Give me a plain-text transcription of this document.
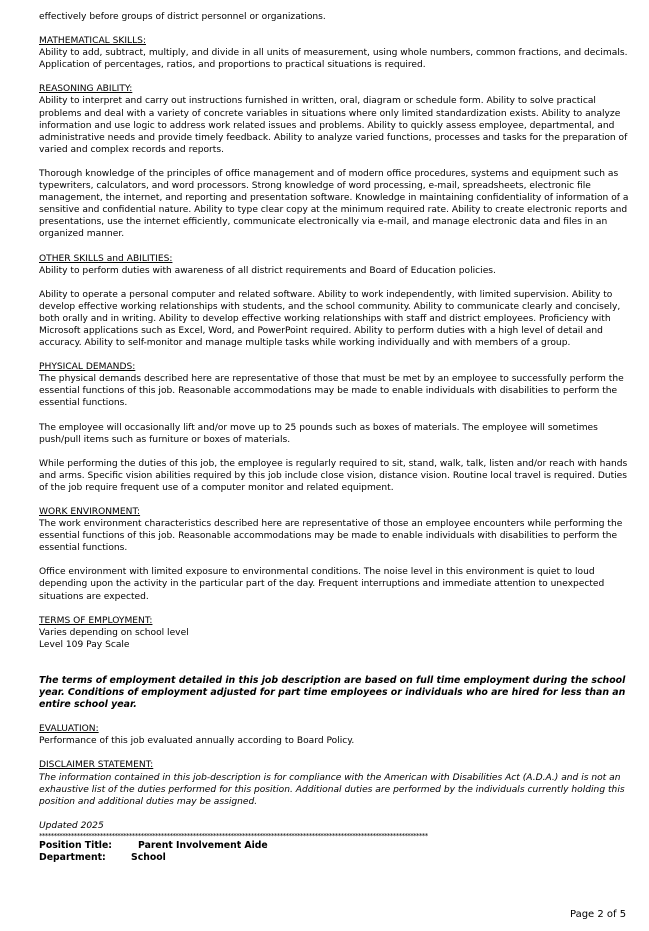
effectively before groups of district personnel or organizations.

MATHEMATICAL SKILLS:

Ability to add, subtract, multiply, and divide in all units of measurement, using whole numbers, common fractions, and decimals. Application of percentages, ratios, and proportions to practical situations is required.

REASONING ABILITY:

Ability to interpret and carry out instructions furnished in written, oral, diagram or schedule form. Ability to solve practical problems and deal with a variety of concrete variables in situations where only limited standardization exists. Ability to analyze information and use logic to address work related issues and problems. Ability to quickly assess employee, departmental, and administrative needs and provide timely feedback. Ability to analyze varied functions, processes and tasks for the preparation of varied and complex records and reports.

Thorough knowledge of the principles of office management and of modern office procedures, systems and equipment such as typewriters, calculators, and word processors. Strong knowledge of word processing, e-mail, spreadsheets, electronic file management, the internet, and reporting and presentation software. Knowledge in maintaining confidentiality of information of a sensitive and confidential nature. Ability to type clear copy at the minimum required rate. Ability to create electronic reports and presentations, use the internet efficiently, communicate electronically via e-mail, and manage electronic data and files in an organized manner.

OTHER SKILLS and ABILITIES:

Ability to perform duties with awareness of all district requirements and Board of Education policies.

Ability to operate a personal computer and related software. Ability to work independently, with limited supervision. Ability to develop effective working relationships with students, and the school community. Ability to communicate clearly and concisely, both orally and in writing. Ability to develop effective working relationships with staff and district employees. Proficiency with Microsoft applications such as Excel, Word, and PowerPoint required. Ability to perform duties with a high level of detail and accuracy. Ability to self-monitor and manage multiple tasks while working individually and with members of a group.

PHYSICAL DEMANDS:

The physical demands described here are representative of those that must be met by an employee to successfully perform the essential functions of this job. Reasonable accommodations may be made to enable individuals with disabilities to perform the essential functions.

The employee will occasionally lift and/or move up to 25 pounds such as boxes of materials. The employee will sometimes push/pull items such as furniture or boxes of materials.

While performing the duties of this job, the employee is regularly required to sit, stand, walk, talk, listen and/or reach with hands and arms. Specific vision abilities required by this job include close vision, distance vision. Routine local travel is required. Duties of the job require frequent use of a computer monitor and related equipment.

WORK ENVIRONMENT:

The work environment characteristics described here are representative of those an employee encounters while performing the essential functions of this job. Reasonable accommodations may be made to enable individuals with disabilities to perform the essential functions.

Office environment with limited exposure to environmental conditions. The noise level in this environment is quiet to loud depending upon the activity in the particular part of the day. Frequent interruptions and immediate attention to unexpected situations are expected.

TERMS OF EMPLOYMENT:

Varies depending on school level

Level 109 Pay Scale

The terms of employment detailed in this job description are based on full time employment during the school year. Conditions of employment adjusted for part time employees or individuals who are hired for less than an entire school year.

EVALUATION:

Performance of this job evaluated annually according to Board Policy.

DISCLAIMER STATEMENT:

The information contained in this job-description is for compliance with the American with Disabilities Act (A.D.A.) and is not an exhaustive list of the duties performed for this position. Additional duties are performed by the individuals currently holding this position and additional duties may be assigned.

Updated 2025

**************************************************************************************************************************************

Position Title:	Parent Involvement Aide
Department:	School
Page 2 of 5
